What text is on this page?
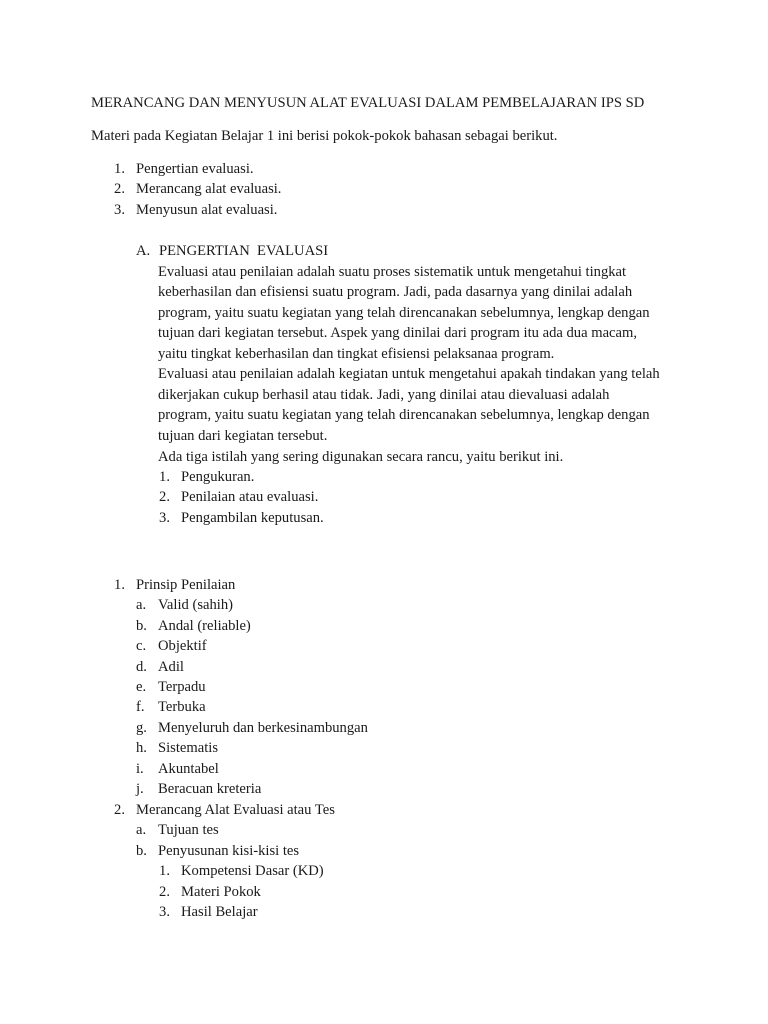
MERANCANG DAN MENYUSUN ALAT EVALUASI DALAM PEMBELAJARAN IPS SD
Materi pada Kegiatan Belajar 1 ini berisi pokok-pokok bahasan sebagai berikut.
1. Pengertian evaluasi.
2. Merancang alat evaluasi.
3. Menyusun alat evaluasi.
A. PENGERTIAN  EVALUASI
Evaluasi atau penilaian adalah suatu proses sistematik untuk mengetahui tingkat
keberhasilan dan efisiensi suatu program. Jadi, pada dasarnya yang dinilai adalah
program, yaitu suatu kegiatan yang telah direncanakan sebelumnya, lengkap dengan
tujuan dari kegiatan tersebut. Aspek yang dinilai dari program itu ada dua macam,
yaitu tingkat keberhasilan dan tingkat efisiensi pelaksanaa program.
Evaluasi atau penilaian adalah kegiatan untuk mengetahui apakah tindakan yang telah
dikerjakan cukup berhasil atau tidak. Jadi, yang dinilai atau dievaluasi adalah
program, yaitu suatu kegiatan yang telah direncanakan sebelumnya, lengkap dengan
tujuan dari kegiatan tersebut.
Ada tiga istilah yang sering digunakan secara rancu, yaitu berikut ini.
1. Pengukuran.
2. Penilaian atau evaluasi.
3. Pengambilan keputusan.
1. Prinsip Penilaian
a. Valid (sahih)
b. Andal (reliable)
c. Objektif
d. Adil
e. Terpadu
f. Terbuka
g. Menyeluruh dan berkesinambungan
h. Sistematis
i. Akuntabel
j. Beracuan kreteria
2. Merancang Alat Evaluasi atau Tes
a. Tujuan tes
b. Penyusunan kisi-kisi tes
1. Kompetensi Dasar (KD)
2. Materi Pokok
3. Hasil Belajar
